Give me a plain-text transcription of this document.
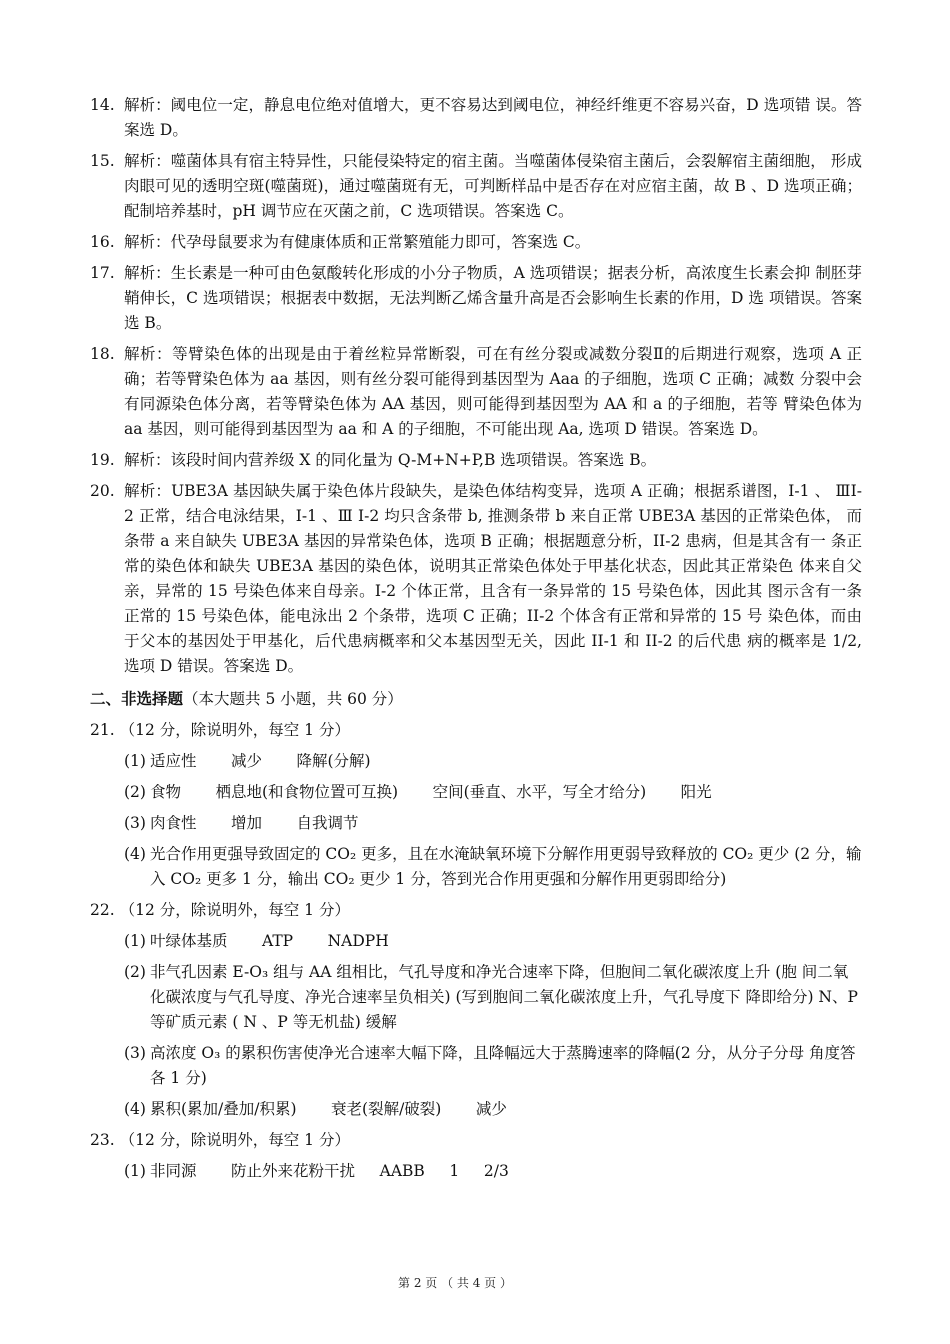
14. 解析：阈电位一定，静息电位绝对值增大，更不容易达到阈电位，神经纤维更不容易兴奋，D 选项错 误。答案选 D。
15. 解析：噬菌体具有宿主特异性，只能侵染特定的宿主菌。当噬菌体侵染宿主菌后，会裂解宿主菌细胞， 形成肉眼可见的透明空斑(噬菌斑)，通过噬菌斑有无，可判断样品中是否存在对应宿主菌，故 B 、D 选项正确；配制培养基时，pH 调节应在灭菌之前，C 选项错误。答案选 C。
16. 解析：代孕母鼠要求为有健康体质和正常繁殖能力即可，答案选 C。
17. 解析：生长素是一种可由色氨酸转化形成的小分子物质，A 选项错误；据表分析，高浓度生长素会抑 制胚芽鞘伸长，C 选项错误；根据表中数据，无法判断乙烯含量升高是否会影响生长素的作用，D 选 项错误。答案选 B。
18. 解析：等臂染色体的出现是由于着丝粒异常断裂，可在有丝分裂或减数分裂Ⅱ的后期进行观察，选项 A 正确；若等臂染色体为 aa 基因，则有丝分裂可能得到基因型为 Aaa 的子细胞，选项 C 正确；减数 分裂中会有同源染色体分离，若等臂染色体为 AA 基因，则可能得到基因型为 AA 和 a 的子细胞，若等 臂染色体为 aa 基因，则可能得到基因型为 aa 和 A 的子细胞，不可能出现 Aa, 选项 D 错误。答案选 D。
19. 解析：该段时间内营养级 X 的同化量为 Q-M+N+P,B 选项错误。答案选 B。
20. 解析：UBE3A 基因缺失属于染色体片段缺失，是染色体结构变异，选项 A 正确；根据系谱图，I-1 、 ⅢI-2 正常，结合电泳结果，I-1 、Ⅲ I-2 均只含条带 b, 推测条带 b 来自正常 UBE3A 基因的正常染色体， 而条带 a 来自缺失 UBE3A 基因的异常染色体，选项 B 正确；根据题意分析，II-2 患病，但是其含有一 条正常的染色体和缺失 UBE3A 基因的染色体，说明其正常染色体处于甲基化状态，因此其正常染色 体来自父亲，异常的 15 号染色体来自母亲。I-2 个体正常，且含有一条异常的 15 号染色体，因此其 图示含有一条正常的 15 号染色体，能电泳出 2 个条带，选项 C 正确；II-2 个体含有正常和异常的 15 号 染色体，而由于父本的基因处于甲基化，后代患病概率和父本基因型无关，因此 II-1 和 II-2 的后代患 病的概率是 1/2, 选项 D 错误。答案选 D。
二、非选择题（本大题共 5 小题，共 60 分）
21. （12 分，除说明外，每空 1 分）
(1) 适应性       减少       降解(分解)
(2) 食物       栖息地(和食物位置可互换)       空间(垂直、水平，写全才给分)       阳光
(3) 肉食性       增加       自我调节
(4) 光合作用更强导致固定的 CO₂ 更多，且在水淹缺氧环境下分解作用更弱导致释放的 CO₂ 更少 (2 分，输入 CO₂ 更多 1 分，输出 CO₂ 更少 1 分，答到光合作用更强和分解作用更弱即给分)
22. （12 分，除说明外，每空 1 分）
(1) 叶绿体基质       ATP       NADPH
(2) 非气孔因素 E-O₃ 组与 AA 组相比，气孔导度和净光合速率下降，但胞间二氧化碳浓度上升 (胞 间二氧化碳浓度与气孔导度、净光合速率呈负相关) (写到胞间二氧化碳浓度上升，气孔导度下 降即给分) N、P 等矿质元素 ( N 、P 等无机盐) 缓解
(3) 高浓度 O₃ 的累积伤害使净光合速率大幅下降，且降幅远大于蒸腾速率的降幅(2 分，从分子分母 角度答各 1 分)
(4) 累积(累加/叠加/积累)       衰老(裂解/破裂)       减少
23. （12 分，除说明外，每空 1 分）
(1) 非同源       防止外来花粉干扰     AABB     1     2/3
第 2 页 （ 共 4 页 ）
